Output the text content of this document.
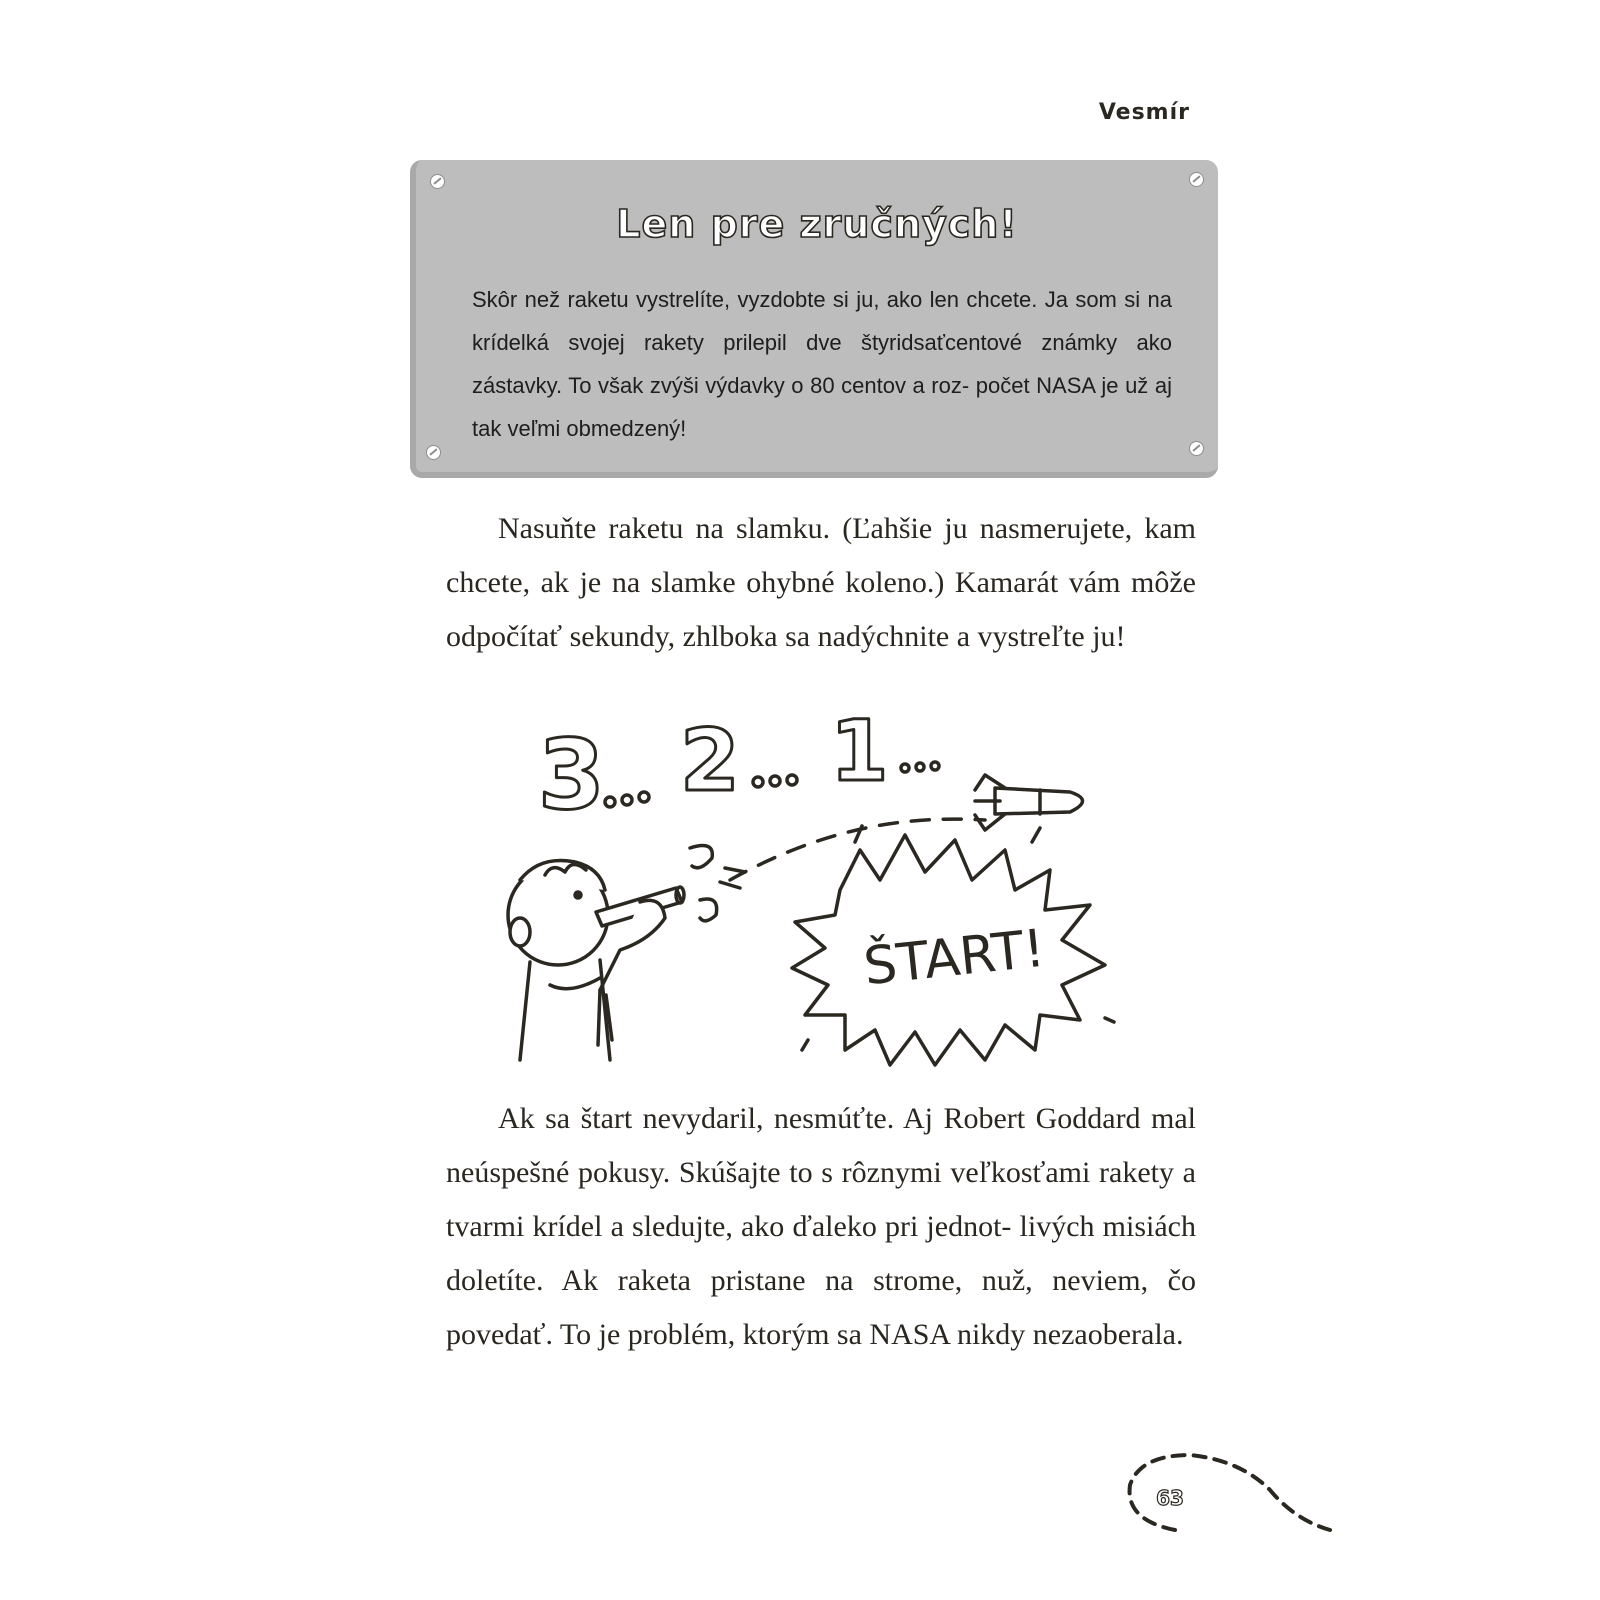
Vesmír
Len pre zručných!

Skôr než raketu vystrelíte, vyzdobte si ju, ako len chcete. Ja som si na krídelká svojej rakety prilepil dve štyridsaťcentové známky ako zástavky. To však zvýši výdavky o 80 centov a roz- počet NASA je už aj tak veľmi obmedzený!

Nasuňte raketu na slamku. (Ľahšie ju nasmerujete, kam chcete, ak je na slamke ohybné koleno.) Kamarát vám môže odpočítať sekundy, zhlboka sa nadýchnite a vystreľte ju!

3 2 1
ŠTART!

Ak sa štart nevydaril, nesmúťte. Aj Robert Goddard mal neúspešné pokusy. Skúšajte to s rôznymi veľkosťami rakety a tvarmi krídel a sledujte, ako ďaleko pri jednot- livých misiách doletíte. Ak raketa pristane na strome, nuž, neviem, čo povedať. To je problém, ktorým sa NASA nikdy nezaoberala.

63
